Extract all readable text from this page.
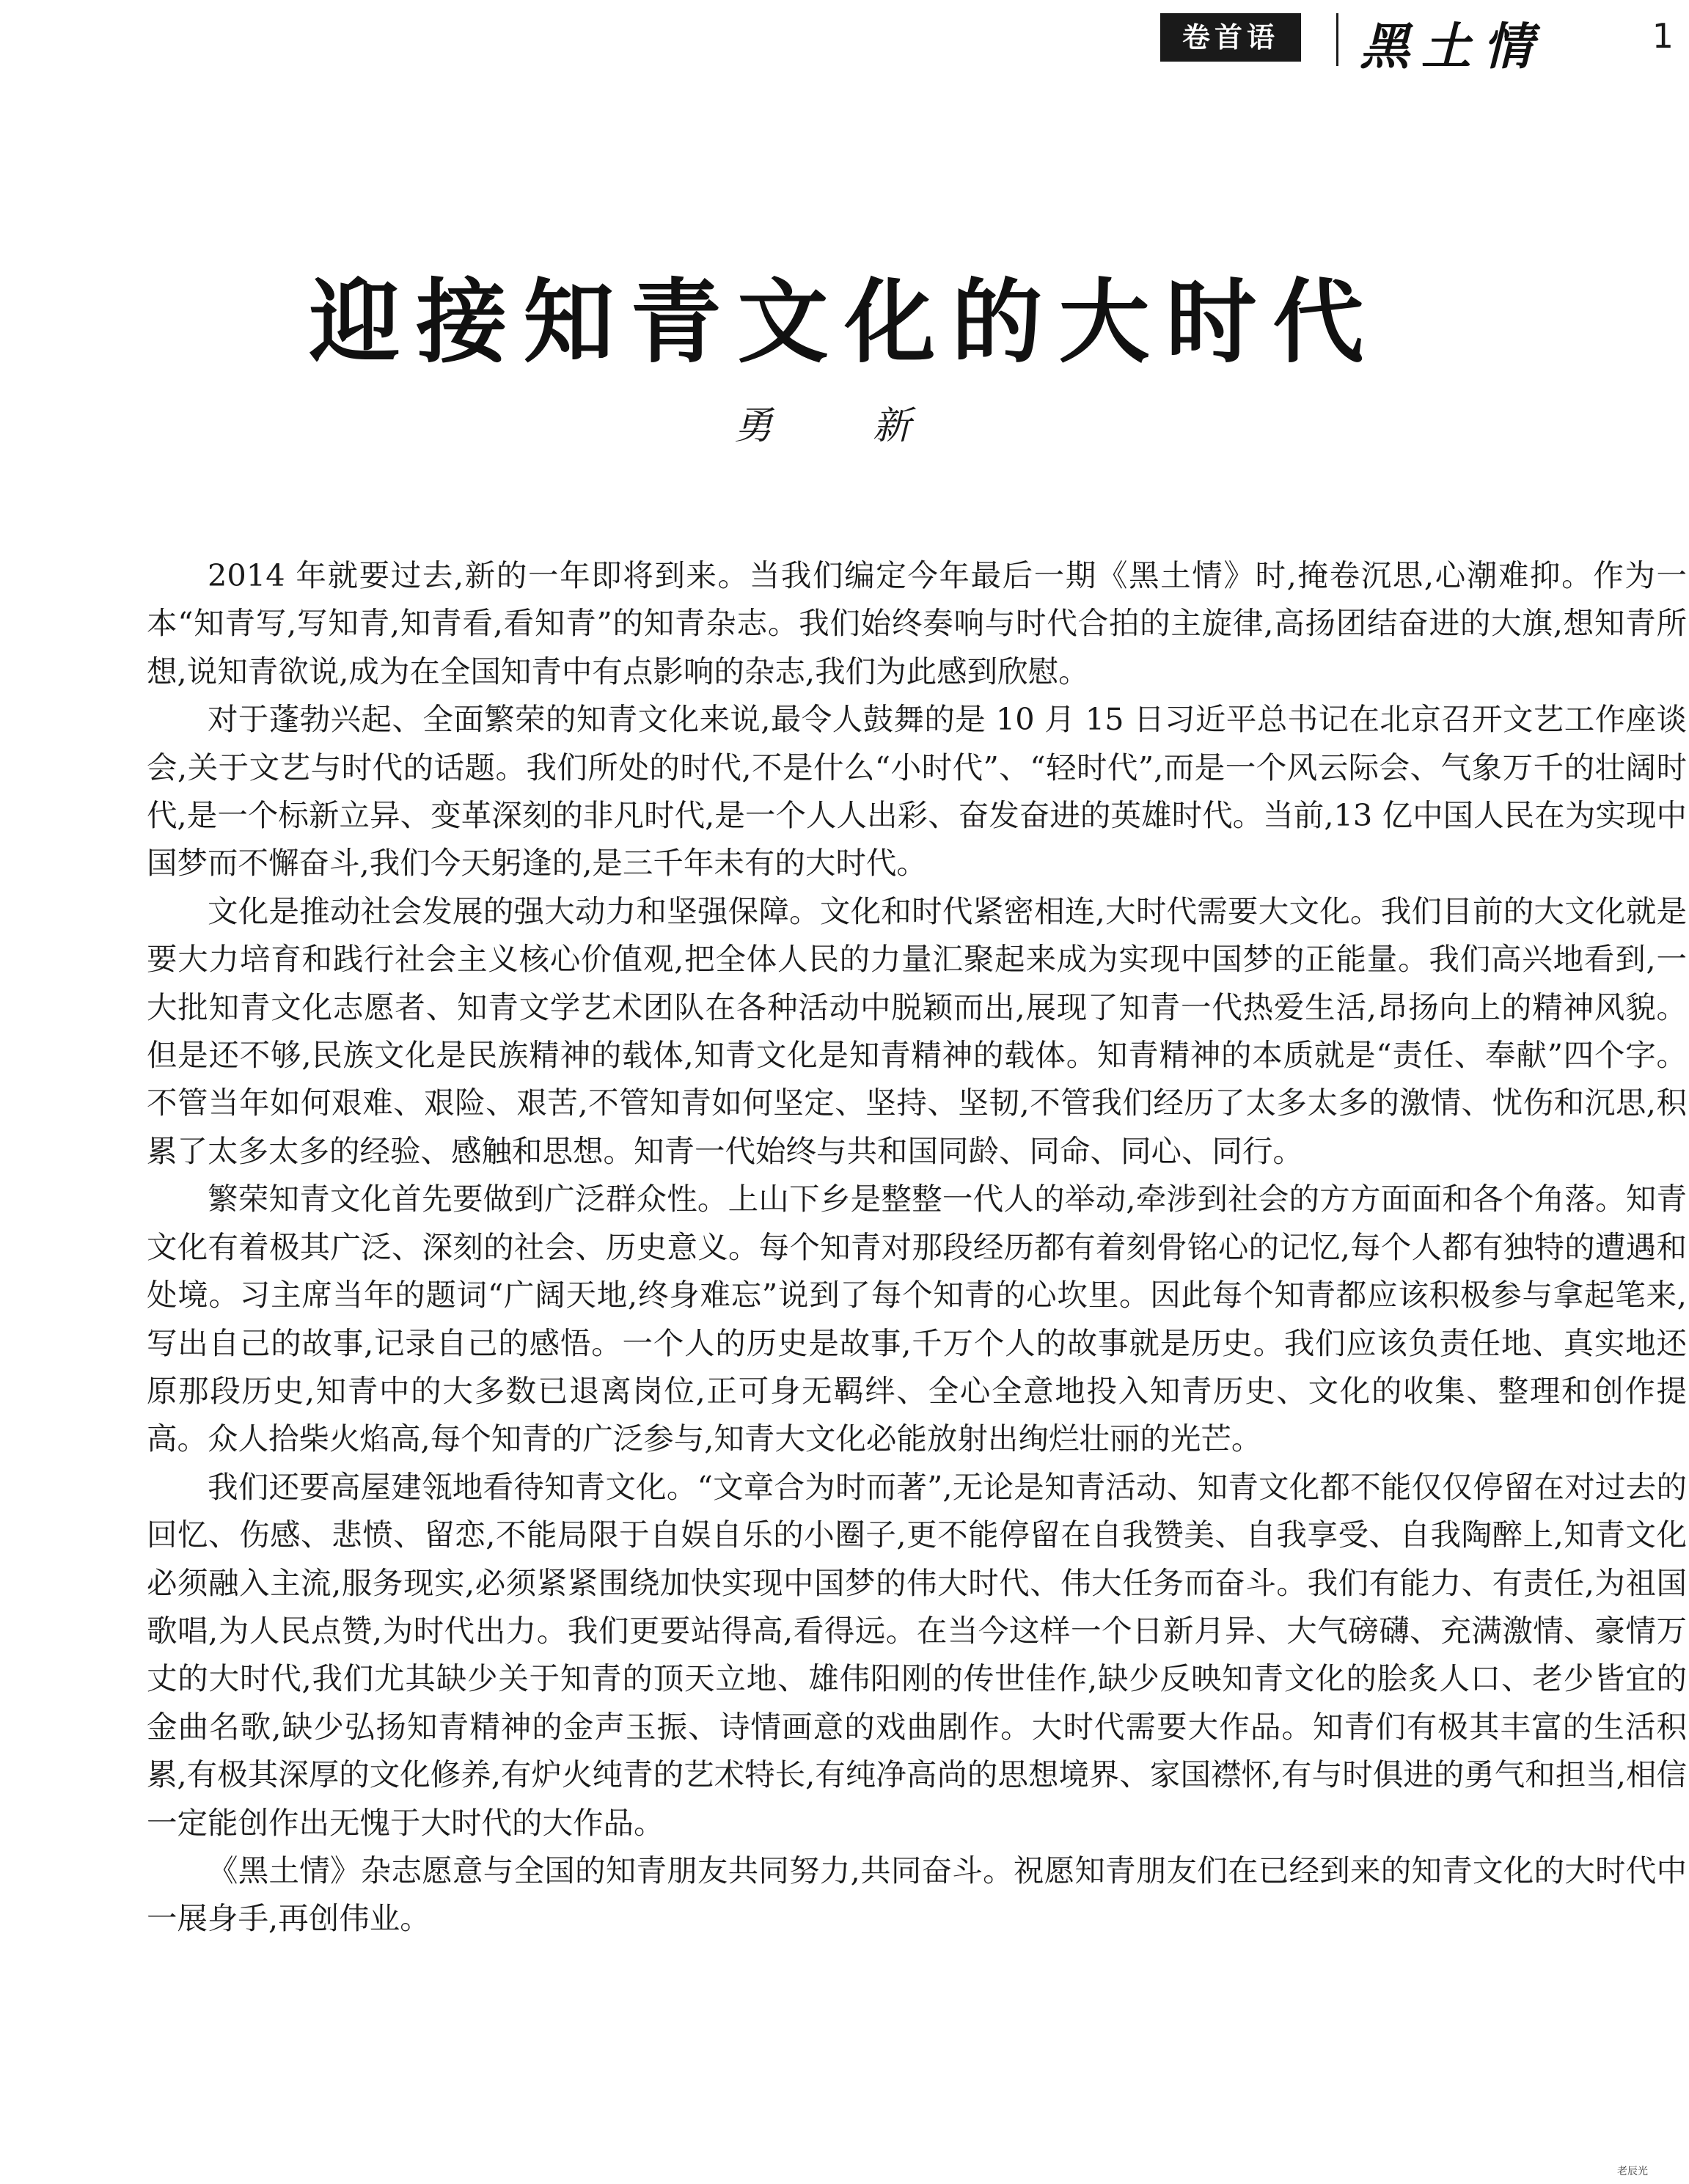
卷首语	黑土情	1
迎接知青文化的大时代
勇 新

2014 年就要过去,新的一年即将到来。当我们编定今年最后一期《黑土情》时,掩卷沉思,心潮难抑。作为一本“知青写,写知青,知青看,看知青”的知青杂志。我们始终奏响与时代合拍的主旋律,高扬团结奋进的大旗,想知青所想,说知青欲说,成为在全国知青中有点影响的杂志,我们为此感到欣慰。

对于蓬勃兴起、全面繁荣的知青文化来说,最令人鼓舞的是 10 月 15 日习近平总书记在北京召开文艺工作座谈会,关于文艺与时代的话题。我们所处的时代,不是什么“小时代”、“轻时代”,而是一个风云际会、气象万千的壮阔时代,是一个标新立异、变革深刻的非凡时代,是一个人人出彩、奋发奋进的英雄时代。当前,13 亿中国人民在为实现中国梦而不懈奋斗,我们今天躬逢的,是三千年未有的大时代。

文化是推动社会发展的强大动力和坚强保障。文化和时代紧密相连,大时代需要大文化。我们目前的大文化就是要大力培育和践行社会主义核心价值观,把全体人民的力量汇聚起来成为实现中国梦的正能量。我们高兴地看到,一大批知青文化志愿者、知青文学艺术团队在各种活动中脱颖而出,展现了知青一代热爱生活,昂扬向上的精神风貌。但是还不够,民族文化是民族精神的载体,知青文化是知青精神的载体。知青精神的本质就是“责任、奉献”四个字。不管当年如何艰难、艰险、艰苦,不管知青如何坚定、坚持、坚韧,不管我们经历了太多太多的激情、忧伤和沉思,积累了太多太多的经验、感触和思想。知青一代始终与共和国同龄、同命、同心、同行。

繁荣知青文化首先要做到广泛群众性。上山下乡是整整一代人的举动,牵涉到社会的方方面面和各个角落。知青文化有着极其广泛、深刻的社会、历史意义。每个知青对那段经历都有着刻骨铭心的记忆,每个人都有独特的遭遇和处境。习主席当年的题词“广阔天地,终身难忘”说到了每个知青的心坎里。因此每个知青都应该积极参与拿起笔来,写出自己的故事,记录自己的感悟。一个人的历史是故事,千万个人的故事就是历史。我们应该负责任地、真实地还原那段历史,知青中的大多数已退离岗位,正可身无羁绊、全心全意地投入知青历史、文化的收集、整理和创作提高。众人拾柴火焰高,每个知青的广泛参与,知青大文化必能放射出绚烂壮丽的光芒。

我们还要高屋建瓴地看待知青文化。“文章合为时而著”,无论是知青活动、知青文化都不能仅仅停留在对过去的回忆、伤感、悲愤、留恋,不能局限于自娱自乐的小圈子,更不能停留在自我赞美、自我享受、自我陶醉上,知青文化必须融入主流,服务现实,必须紧紧围绕加快实现中国梦的伟大时代、伟大任务而奋斗。我们有能力、有责任,为祖国歌唱,为人民点赞,为时代出力。我们更要站得高,看得远。在当今这样一个日新月异、大气磅礴、充满激情、豪情万丈的大时代,我们尤其缺少关于知青的顶天立地、雄伟阳刚的传世佳作,缺少反映知青文化的脍炙人口、老少皆宜的金曲名歌,缺少弘扬知青精神的金声玉振、诗情画意的戏曲剧作。大时代需要大作品。知青们有极其丰富的生活积累,有极其深厚的文化修养,有炉火纯青的艺术特长,有纯净高尚的思想境界、家国襟怀,有与时俱进的勇气和担当,相信一定能创作出无愧于大时代的大作品。

《黑土情》杂志愿意与全国的知青朋友共同努力,共同奋斗。祝愿知青朋友们在已经到来的知青文化的大时代中一展身手,再创伟业。

老辰光
